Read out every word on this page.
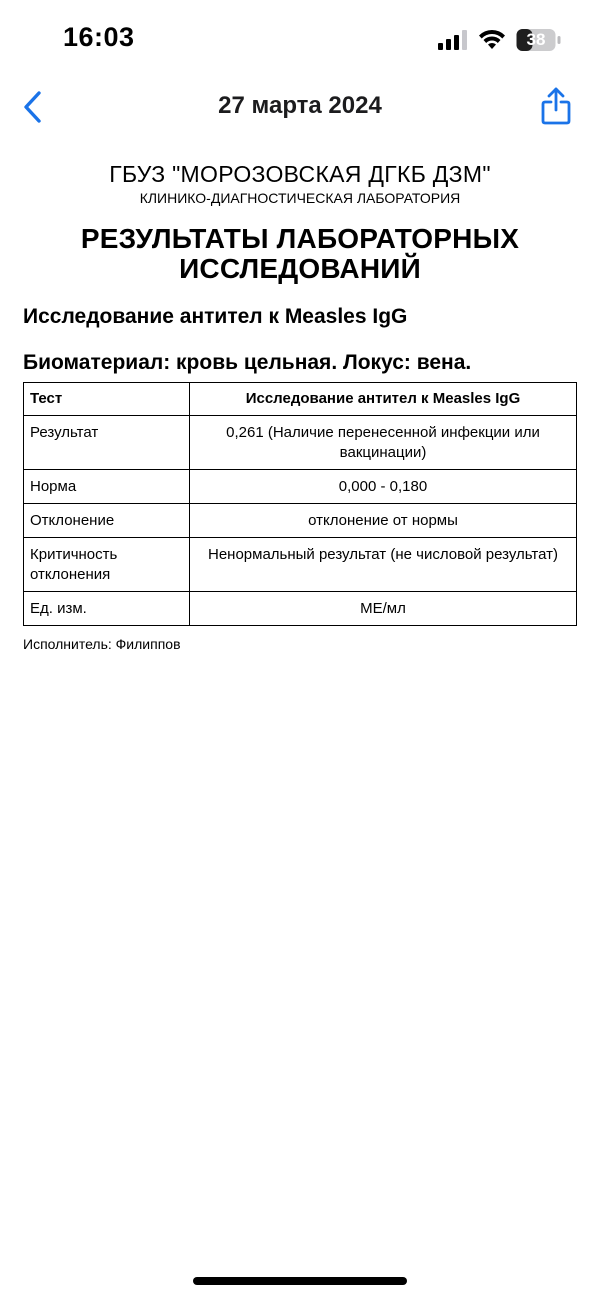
16:03	38
27 марта 2024
ГБУЗ "МОРОЗОВСКАЯ ДГКБ ДЗМ"
КЛИНИКО-ДИАГНОСТИЧЕСКАЯ ЛАБОРАТОРИЯ
РЕЗУЛЬТАТЫ ЛАБОРАТОРНЫХ ИССЛЕДОВАНИЙ
Исследование антител к Measles IgG
Биоматериал: кровь цельная. Локус: вена.
Тест	Исследование антител к Measles IgG
Результат	0,261 (Наличие перенесенной инфекции или вакцинации)
Норма	0,000 - 0,180
Отклонение	отклонение от нормы
Критичность отклонения	Ненормальный результат (не числовой результат)
Ед. изм.	МЕ/мл
Исполнитель: Филиппов
